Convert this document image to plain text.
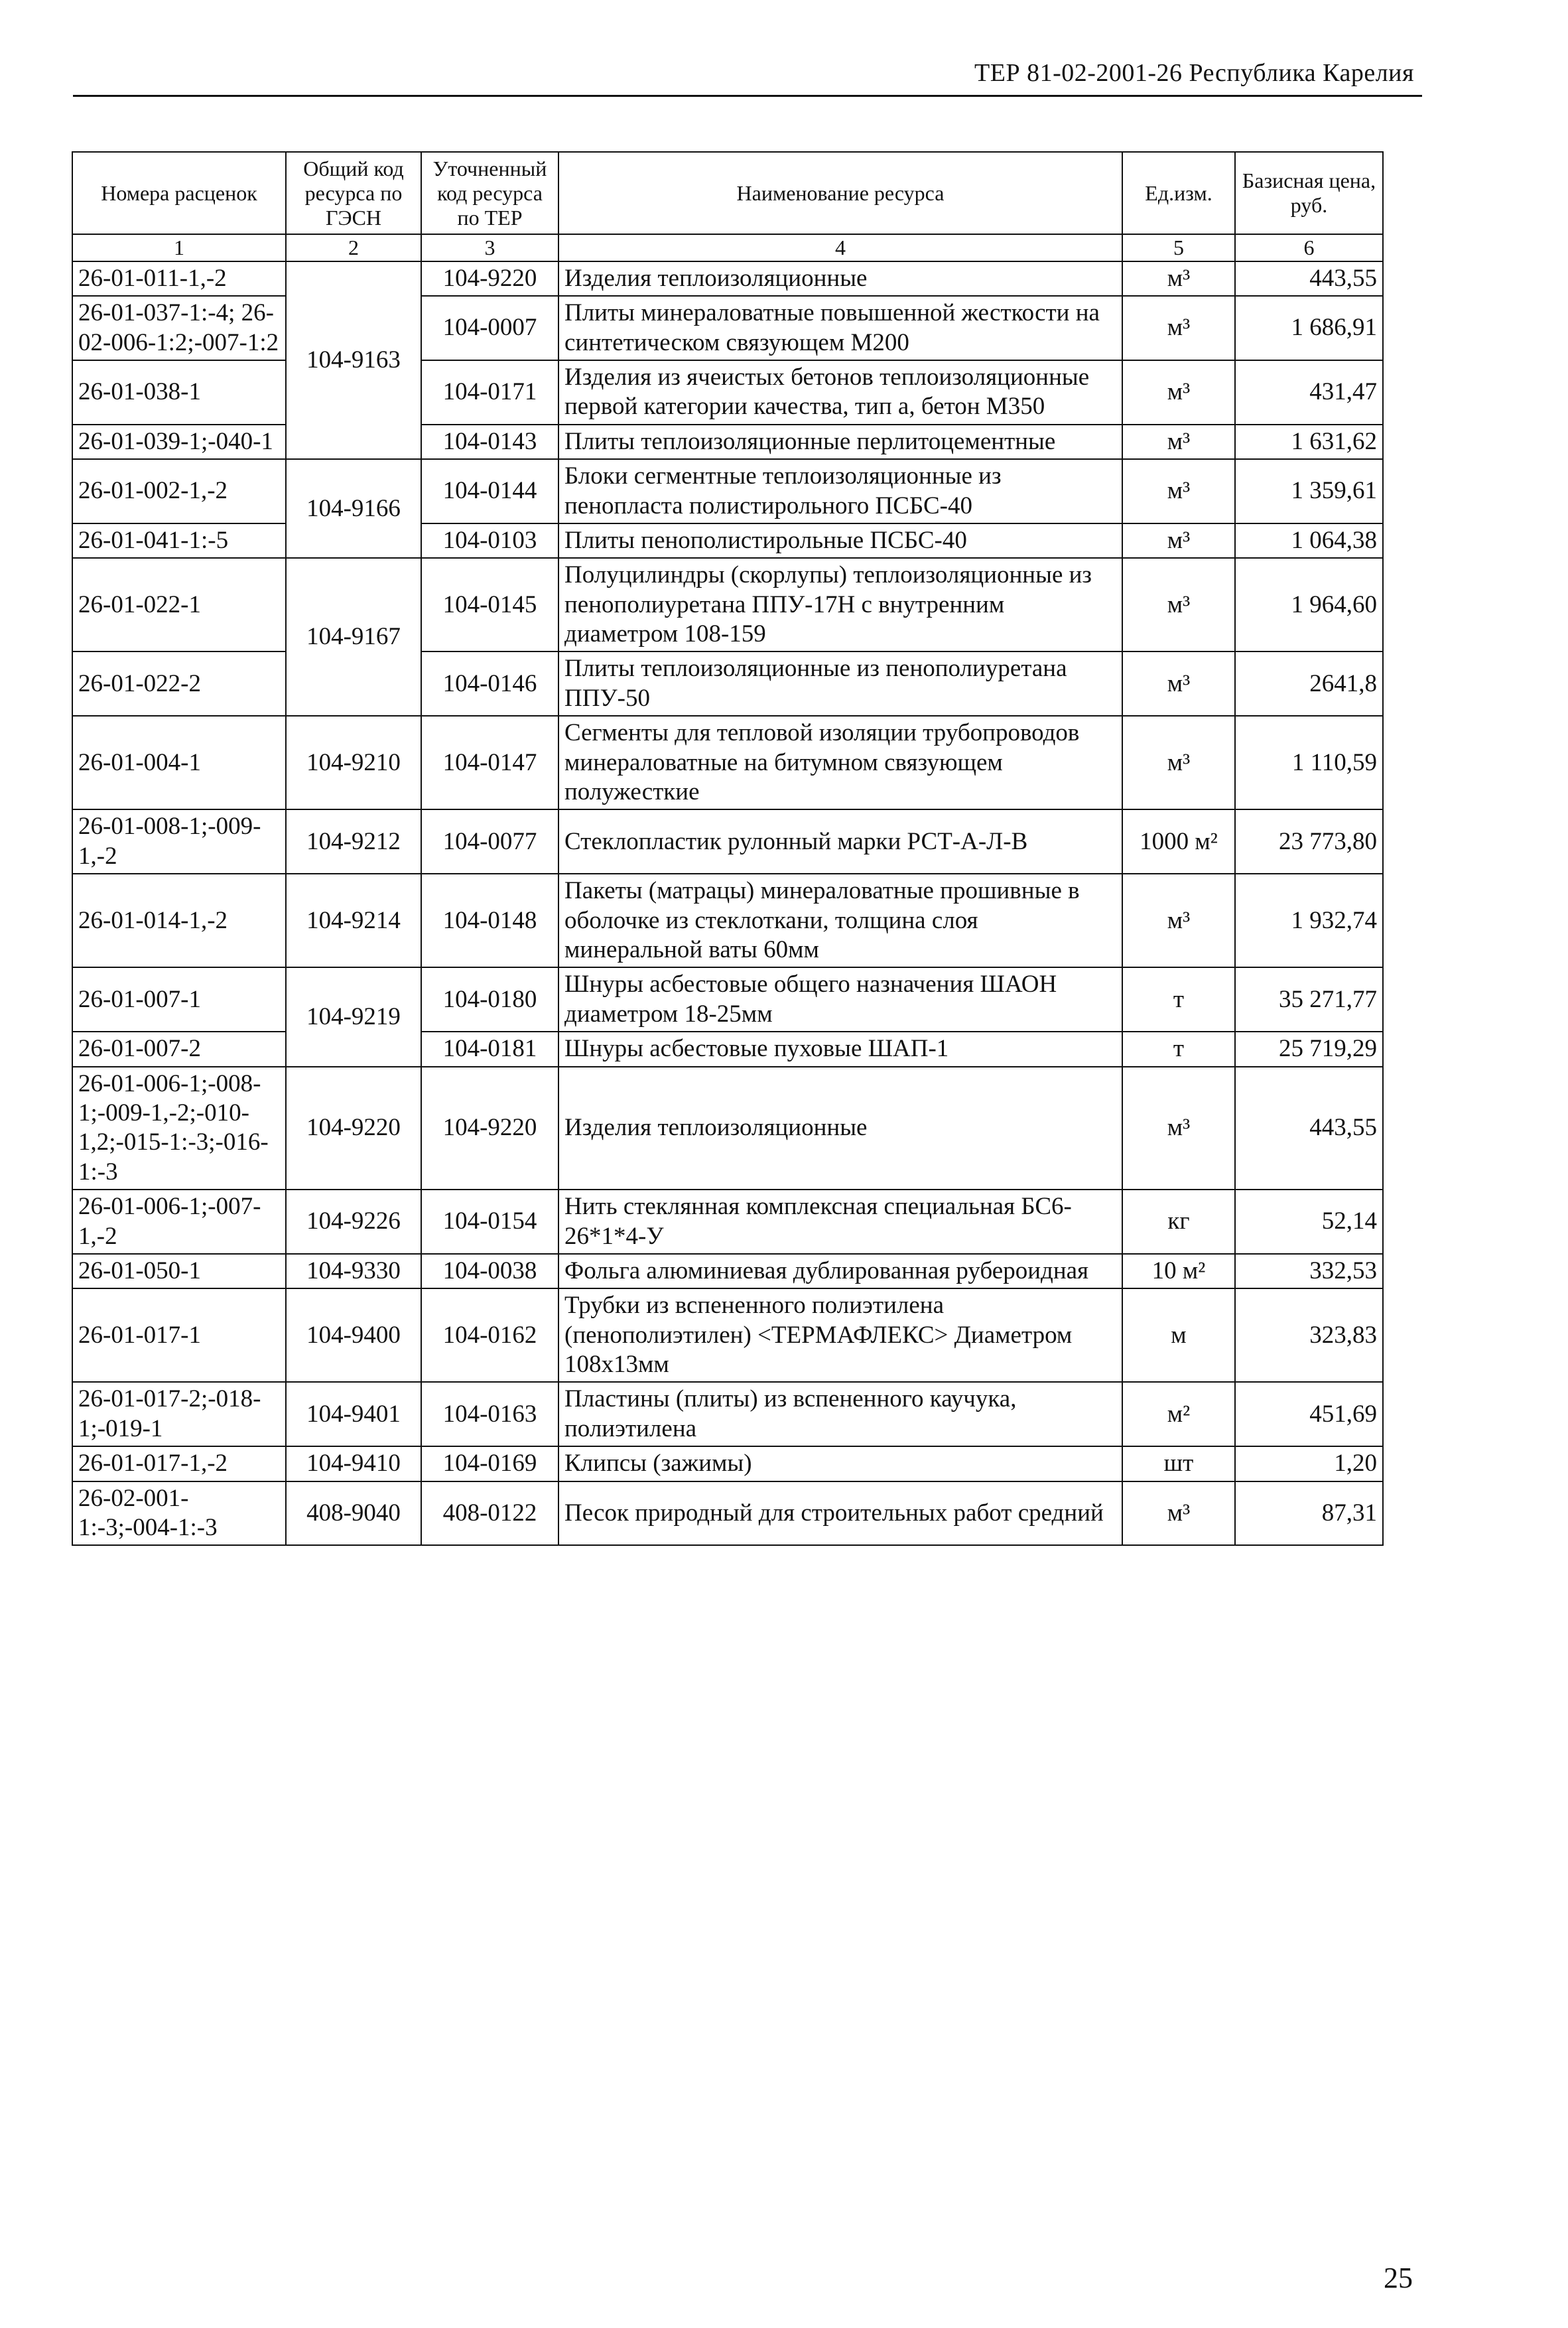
ТЕР 81-02-2001-26 Республика Карелия
Номера расценок	Общий код ресурса по ГЭСН	Уточненный код ресурса по ТЕР	Наименование ресурса	Ед.изм.	Базисная цена, руб.
1	2	3	4	5	6
26-01-011-1,-2	104-9163	104-9220	Изделия теплоизоляционные	м³	443,55
26-01-037-1:-4; 26-02-006-1:2;-007-1:2		104-0007	Плиты минераловатные повышенной жесткости на синтетическом связующем М200	м³	1 686,91
26-01-038-1		104-0171	Изделия из ячеистых бетонов теплоизоляционные первой категории качества, тип а, бетон М350	м³	431,47
26-01-039-1;-040-1		104-0143	Плиты теплоизоляционные перлитоцементные	м³	1 631,62
26-01-002-1,-2	104-9166	104-0144	Блоки сегментные теплоизоляционные из пенопласта полистирольного ПСБС-40	м³	1 359,61
26-01-041-1:-5		104-0103	Плиты пенополистирольные ПСБС-40	м³	1 064,38
26-01-022-1	104-9167	104-0145	Полуцилиндры (скорлупы) теплоизоляционные из пенополиуретана ППУ-17Н с внутренним диаметром 108-159	м³	1 964,60
26-01-022-2		104-0146	Плиты теплоизоляционные из пенополиуретана ППУ-50	м³	2641,8
26-01-004-1	104-9210	104-0147	Сегменты для тепловой изоляции трубопроводов минераловатные на битумном связующем полужесткие	м³	1 110,59
26-01-008-1;-009-1,-2	104-9212	104-0077	Стеклопластик рулонный марки РСТ-А-Л-В	1000 м²	23 773,80
26-01-014-1,-2	104-9214	104-0148	Пакеты (матрацы) минераловатные прошивные в оболочке из стеклоткани, толщина слоя минеральной ваты 60мм	м³	1 932,74
26-01-007-1	104-9219	104-0180	Шнуры асбестовые общего назначения ШАОН диаметром 18-25мм	т	35 271,77
26-01-007-2		104-0181	Шнуры асбестовые пуховые ШАП-1	т	25 719,29
26-01-006-1;-008-1;-009-1,-2;-010-1,2;-015-1:-3;-016-1:-3	104-9220	104-9220	Изделия теплоизоляционные	м³	443,55
26-01-006-1;-007-1,-2	104-9226	104-0154	Нить стеклянная комплексная специальная БС6-26*1*4-У	кг	52,14
26-01-050-1	104-9330	104-0038	Фольга алюминиевая дублированная рубероидная	10 м²	332,53
26-01-017-1	104-9400	104-0162	Трубки из вспененного полиэтилена (пенополиэтилен) <ТЕРМАФЛЕКС> Диаметром 108х13мм	м	323,83
26-01-017-2;-018-1;-019-1	104-9401	104-0163	Пластины (плиты) из вспененного каучука, полиэтилена	м²	451,69
26-01-017-1,-2	104-9410	104-0169	Клипсы (зажимы)	шт	1,20
26-02-001-1:-3;-004-1:-3	408-9040	408-0122	Песок природный для строительных работ средний	м³	87,31
25
